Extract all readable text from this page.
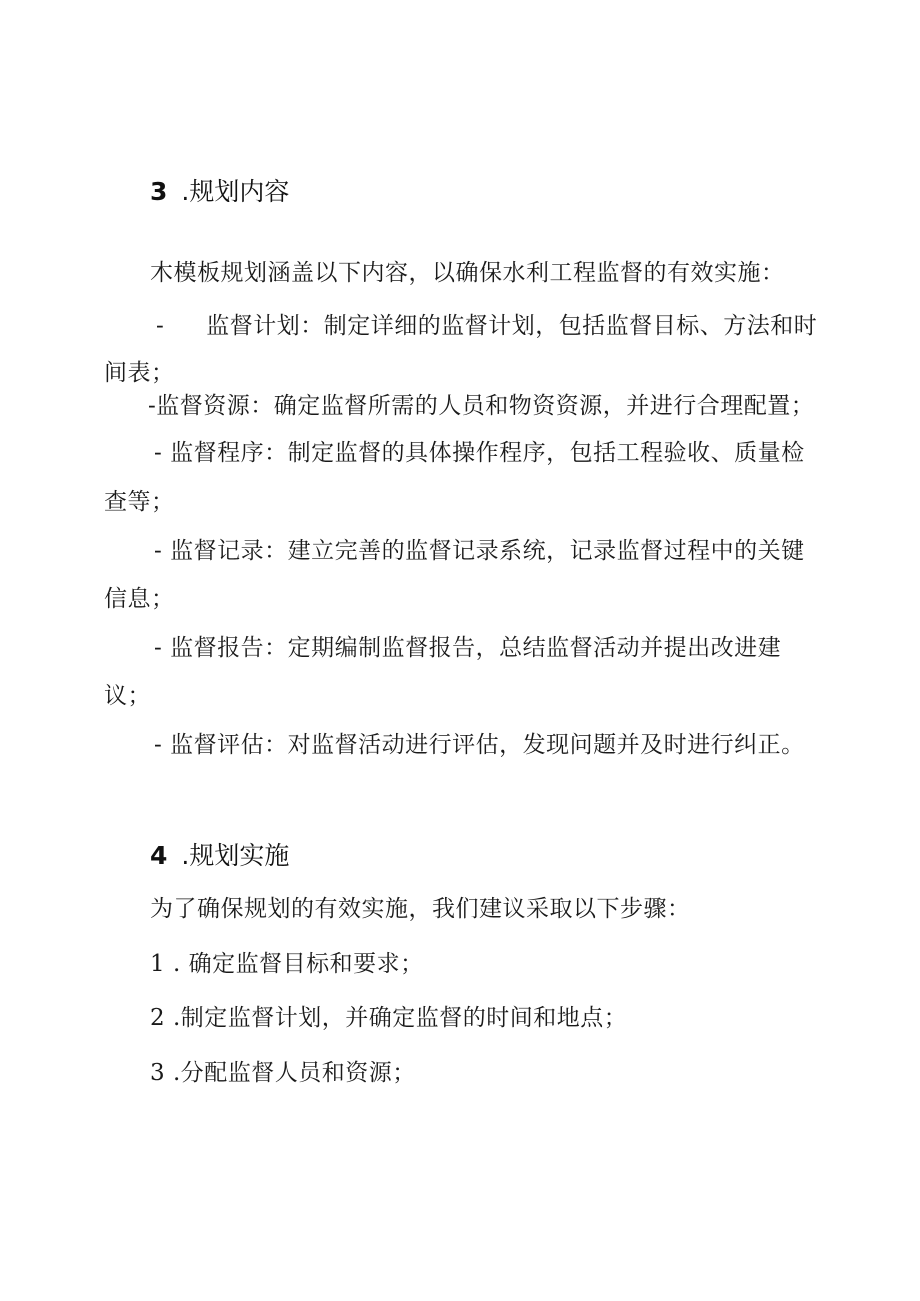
3 .规划内容
木模板规划涵盖以下内容，以确保水利工程监督的有效实施：
- 监督计划：制定详细的监督计划，包括监督目标、方法和时
间表；
-监督资源：确定监督所需的人员和物资资源，并进行合理配置；
- 监督程序：制定监督的具体操作程序，包括工程验收、质量检
查等；
- 监督记录：建立完善的监督记录系统，记录监督过程中的关键
信息；
- 监督报告：定期编制监督报告，总结监督活动并提出改进建
议；
- 监督评估：对监督活动进行评估，发现问题并及时进行纠正。
4 .规划实施
为了确保规划的有效实施，我们建议采取以下步骤：
1 . 确定监督目标和要求；
2 .制定监督计划，并确定监督的时间和地点；
3 .分配监督人员和资源；
